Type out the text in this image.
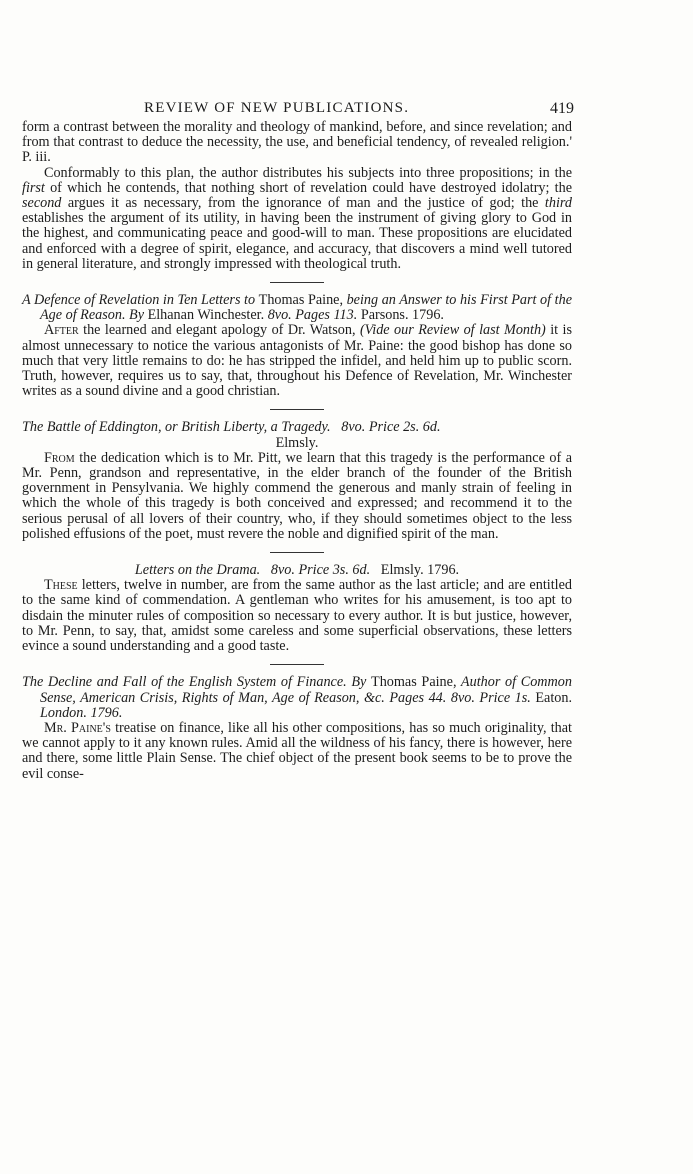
REVIEW OF NEW PUBLICATIONS.	419

form a contrast between the morality and theology of mankind, before, and since revelation; and from that contrast to deduce the necessity, the use, and beneficial tendency, of revealed religion.' P. iii.

Conformably to this plan, the author distributes his subjects into three propositions; in the first of which he contends, that nothing short of revelation could have destroyed idolatry; the second argues it as necessary, from the ignorance of man and the justice of god; the third establishes the argument of its utility, in having been the instrument of giving glory to God in the highest, and communicating peace and good-will to man. These propositions are elucidated and enforced with a degree of spirit, elegance, and accuracy, that discovers a mind well tutored in general literature, and strongly impressed with theological truth.

A Defence of Revelation in Ten Letters to Thomas Paine, being an Answer to his First Part of the Age of Reason. By Elhanan Winchester. 8vo. Pages 113. Parsons. 1796.

After the learned and elegant apology of Dr. Watson, (Vide our Review of last Month) it is almost unnecessary to notice the various antagonists of Mr. Paine: the good bishop has done so much that very little remains to do: he has stripped the infidel, and held him up to public scorn. Truth, however, requires us to say, that, throughout his Defence of Revelation, Mr. Winchester writes as a sound divine and a good christian.

The Battle of Eddington, or British Liberty, a Tragedy. 8vo. Price 2s. 6d.

Elmsly.

From the dedication which is to Mr. Pitt, we learn that this tragedy is the performance of a Mr. Penn, grandson and representative, in the elder branch of the founder of the British government in Pensylvania. We highly commend the generous and manly strain of feeling in which the whole of this tragedy is both conceived and expressed; and recommend it to the serious perusal of all lovers of their country, who, if they should sometimes object to the less polished effusions of the poet, must revere the noble and dignified spirit of the man.

Letters on the Drama. 8vo. Price 3s. 6d. Elmsly. 1796.

These letters, twelve in number, are from the same author as the last article; and are entitled to the same kind of commendation. A gentleman who writes for his amusement, is too apt to disdain the minuter rules of composition so necessary to every author. It is but justice, however, to Mr. Penn, to say, that, amidst some careless and some superficial observations, these letters evince a sound understanding and a good taste.

The Decline and Fall of the English System of Finance. By Thomas Paine, Author of Common Sense, American Crisis, Rights of Man, Age of Reason, &c. Pages 44. 8vo. Price 1s. Eaton. London. 1796.

Mr. Paine's treatise on finance, like all his other compositions, has so much originality, that we cannot apply to it any known rules. Amid all the wildness of his fancy, there is however, here and there, some little Plain Sense. The chief object of the present book seems to be to prove the evil conse-
